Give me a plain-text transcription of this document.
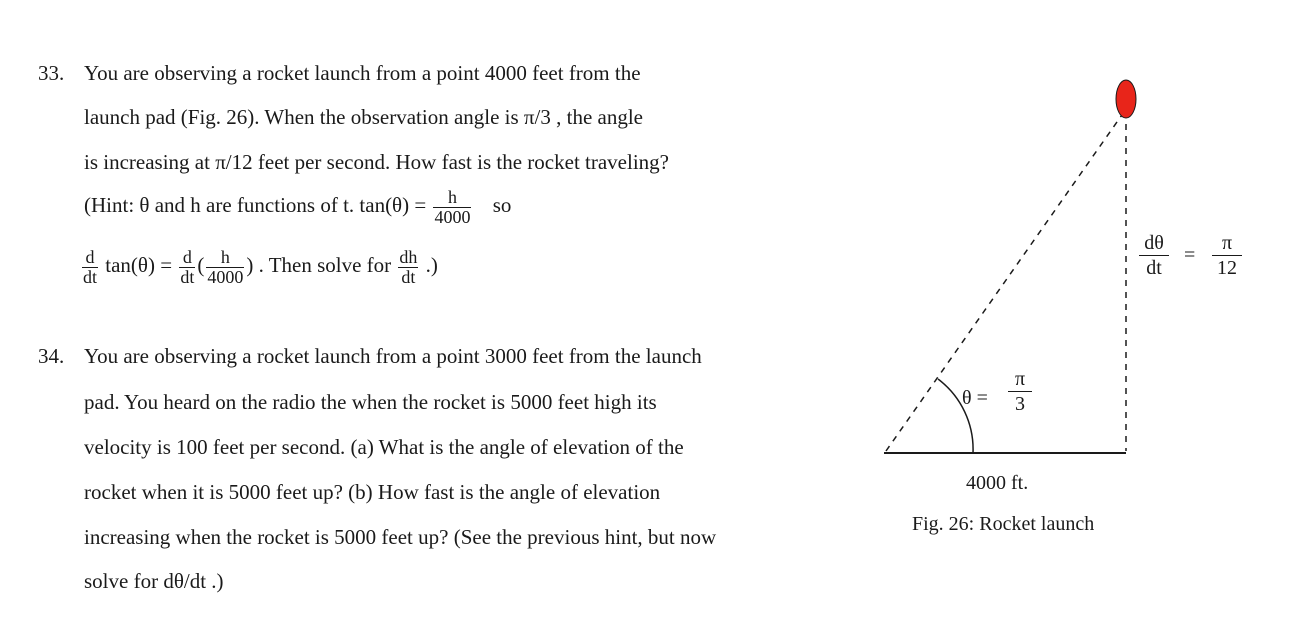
33. You are observing a rocket launch from a point 4000 feet from the
launch pad (Fig. 26). When the observation angle is π/3 , the angle
is increasing at π/12 feet per second. How fast is the rocket traveling?
(Hint: θ and h are functions of t. $\tan(\theta) = \frac{h}{4000}$ so
$\frac{d}{dt} \tan(\theta) = \frac{d}{dt}$ ( $\frac{h}{4000}$ ) . Then solve for $\frac{dh}{dt}$ .)
34. You are observing a rocket launch from a point 3000 feet from the launch
pad. You heard on the radio the when the rocket is 5000 feet high its
velocity is 100 feet per second. (a) What is the angle of elevation of the
rocket when it is 5000 feet up? (b) How fast is the angle of elevation
increasing when the rocket is 5000 feet up? (See the previous hint, but now
solve for dθ/dt .)
$\theta = \frac{\pi}{3}$
$\frac{d\theta}{dt} = \frac{\pi}{12}$
4000 ft.
Fig. 26: Rocket launch
